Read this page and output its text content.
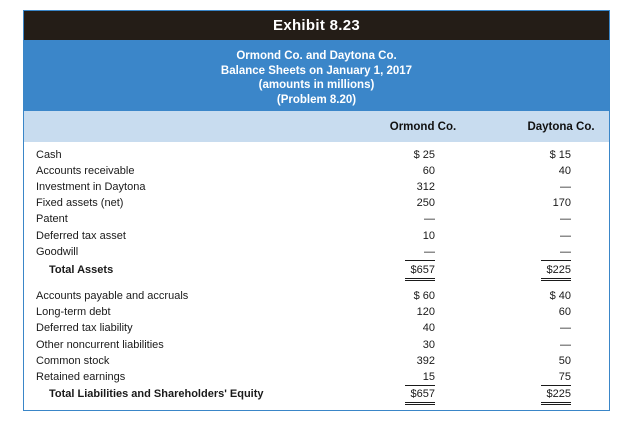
Exhibit 8.23
Ormond Co. and Daytona Co.
Balance Sheets on January 1, 2017
(amounts in millions)
(Problem 8.20)
Ormond Co.	Daytona Co.
Cash	$ 25	$ 15
Accounts receivable	60	40
Investment in Daytona	312	—
Fixed assets (net)	250	170
Patent	—	—
Deferred tax asset	10	—
Goodwill	—	—
Total Assets	$657	$225
Accounts payable and accruals	$ 60	$ 40
Long-term debt	120	60
Deferred tax liability	40	—
Other noncurrent liabilities	30	—
Common stock	392	50
Retained earnings	15	75
Total Liabilities and Shareholders' Equity	$657	$225
